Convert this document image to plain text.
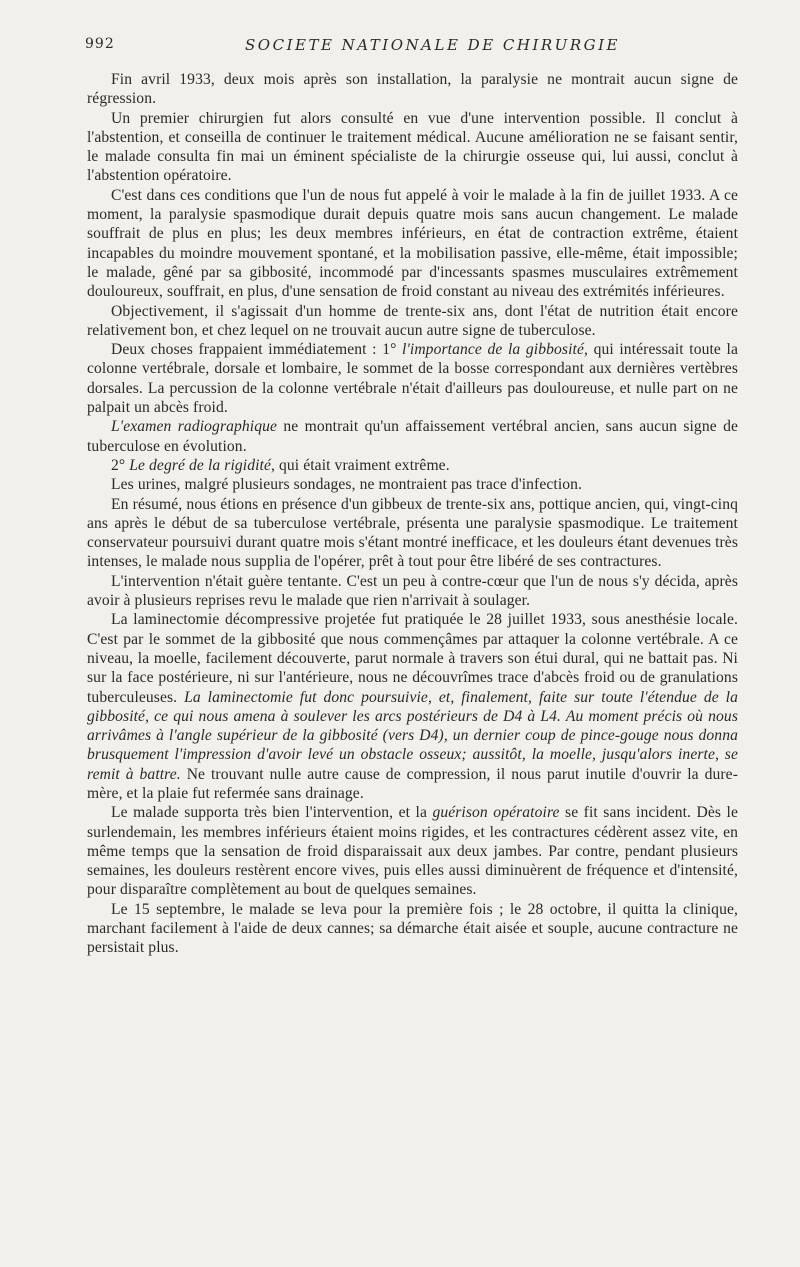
992	SOCIETE NATIONALE DE CHIRURGIE

Fin avril 1933, deux mois après son installation, la paralysie ne montrait aucun signe de régression.

Un premier chirurgien fut alors consulté en vue d'une intervention possible. Il conclut à l'abstention, et conseilla de continuer le traitement médical. Aucune amélioration ne se faisant sentir, le malade consulta fin mai un éminent spécialiste de la chirurgie osseuse qui, lui aussi, conclut à l'abstention opératoire.

C'est dans ces conditions que l'un de nous fut appelé à voir le malade à la fin de juillet 1933. A ce moment, la paralysie spasmodique durait depuis quatre mois sans aucun changement. Le malade souffrait de plus en plus; les deux membres inférieurs, en état de contraction extrême, étaient incapables du moindre mouvement spontané, et la mobilisation passive, elle-même, était impossible; le malade, gêné par sa gibbosité, incommodé par d'incessants spasmes musculaires extrêmement douloureux, souffrait, en plus, d'une sensation de froid constant au niveau des extrémités inférieures.

Objectivement, il s'agissait d'un homme de trente-six ans, dont l'état de nutrition était encore relativement bon, et chez lequel on ne trouvait aucun autre signe de tuberculose.

Deux choses frappaient immédiatement : 1° l'importance de la gibbosité, qui intéressait toute la colonne vertébrale, dorsale et lombaire, le sommet de la bosse correspondant aux dernières vertèbres dorsales. La percussion de la colonne vertébrale n'était d'ailleurs pas douloureuse, et nulle part on ne palpait un abcès froid.

L'examen radiographique ne montrait qu'un affaissement vertébral ancien, sans aucun signe de tuberculose en évolution.

2° Le degré de la rigidité, qui était vraiment extrême.

Les urines, malgré plusieurs sondages, ne montraient pas trace d'infection.

En résumé, nous étions en présence d'un gibbeux de trente-six ans, pottique ancien, qui, vingt-cinq ans après le début de sa tuberculose vertébrale, présenta une paralysie spasmodique. Le traitement conservateur poursuivi durant quatre mois s'étant montré inefficace, et les douleurs étant devenues très intenses, le malade nous supplia de l'opérer, prêt à tout pour être libéré de ses contractures.

L'intervention n'était guère tentante. C'est un peu à contre-cœur que l'un de nous s'y décida, après avoir à plusieurs reprises revu le malade que rien n'arrivait à soulager.

La laminectomie décompressive projetée fut pratiquée le 28 juillet 1933, sous anesthésie locale. C'est par le sommet de la gibbosité que nous commençâmes par attaquer la colonne vertébrale. A ce niveau, la moelle, facilement découverte, parut normale à travers son étui dural, qui ne battait pas. Ni sur la face postérieure, ni sur l'antérieure, nous ne découvrîmes trace d'abcès froid ou de granulations tuberculeuses. La laminectomie fut donc poursuivie, et, finalement, faite sur toute l'étendue de la gibbosité, ce qui nous amena à soulever les arcs postérieurs de D4 à L4. Au moment précis où nous arrivâmes à l'angle supérieur de la gibbosité (vers D4), un dernier coup de pince-gouge nous donna brusquement l'impression d'avoir levé un obstacle osseux; aussitôt, la moelle, jusqu'alors inerte, se remit à battre. Ne trouvant nulle autre cause de compression, il nous parut inutile d'ouvrir la dure-mère, et la plaie fut refermée sans drainage.

Le malade supporta très bien l'intervention, et la guérison opératoire se fit sans incident. Dès le surlendemain, les membres inférieurs étaient moins rigides, et les contractures cédèrent assez vite, en même temps que la sensation de froid disparaissait aux deux jambes. Par contre, pendant plusieurs semaines, les douleurs restèrent encore vives, puis elles aussi diminuèrent de fréquence et d'intensité, pour disparaître complètement au bout de quelques semaines.

Le 15 septembre, le malade se leva pour la première fois ; le 28 octobre, il quitta la clinique, marchant facilement à l'aide de deux cannes; sa démarche était aisée et souple, aucune contracture ne persistait plus.
